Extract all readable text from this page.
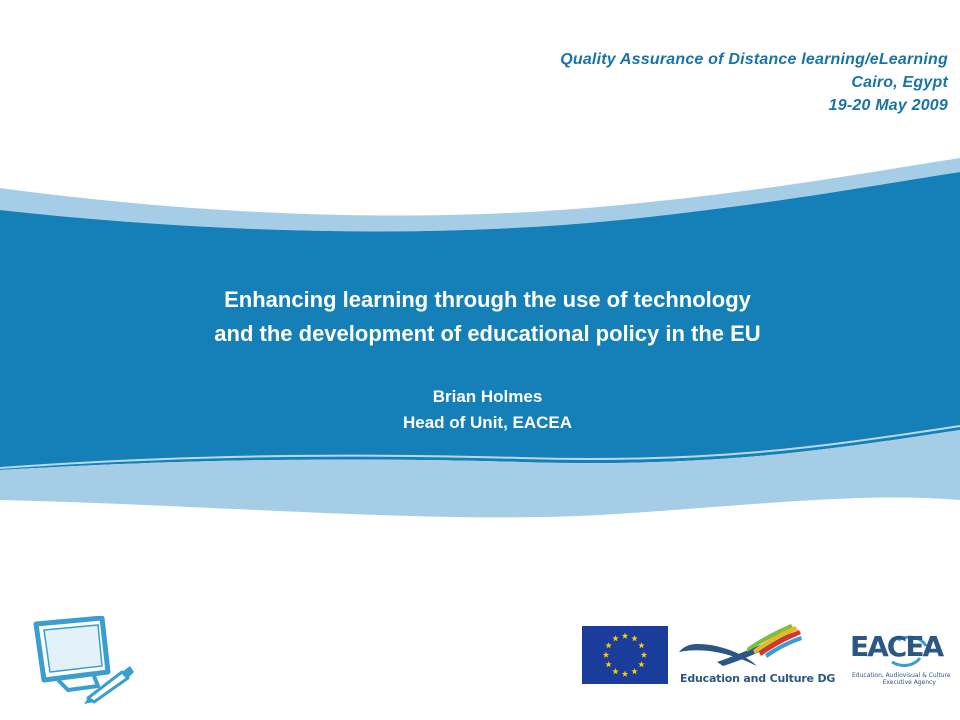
Quality Assurance of Distance learning/eLearning
Cairo, Egypt
19-20 May 2009
Enhancing learning through the use of technology
and the development of educational policy in the EU
Brian Holmes
Head of Unit, EACEA
Education and Culture DG
EACEA
Education, Audiovisual & Culture
Executive Agency
